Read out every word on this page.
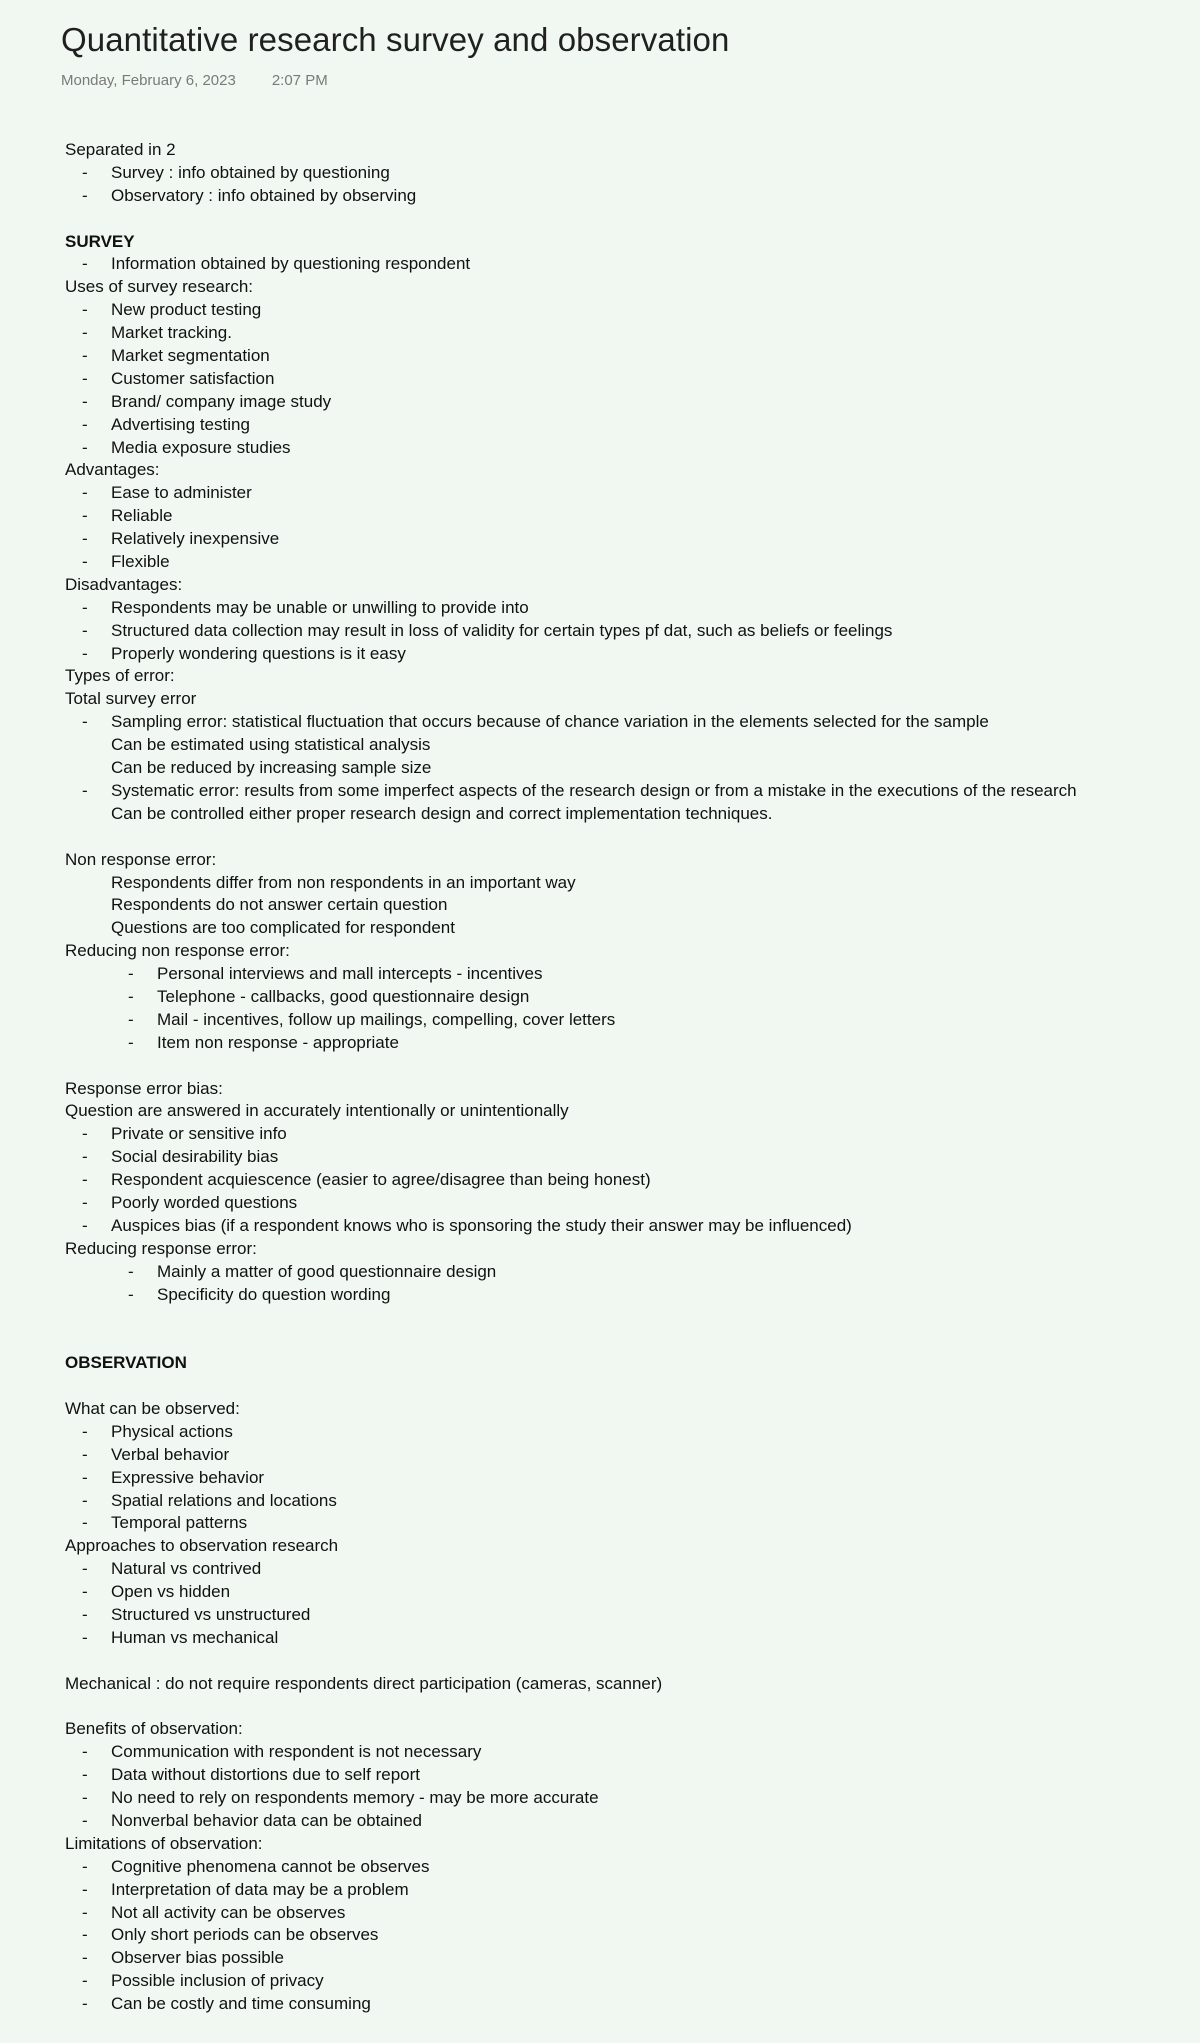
Quantitative research survey and observation
Monday, February 6, 2023 2:07 PM
Separated in 2
-	Survey : info obtained by questioning
-	Observatory : info obtained by observing
SURVEY
-	Information obtained by questioning respondent
Uses of survey research:
-	New product testing
-	Market tracking.
-	Market segmentation
-	Customer satisfaction
-	Brand/ company image study
-	Advertising testing
-	Media exposure studies
Advantages:
-	Ease to administer
-	Reliable
-	Relatively inexpensive
-	Flexible
Disadvantages:
-	Respondents may be unable or unwilling to provide into
-	Structured data collection may result in loss of validity for certain types pf dat, such as beliefs or feelings
-	Properly wondering questions is it easy
Types of error:
Total survey error
-	Sampling error: statistical fluctuation that occurs because of chance variation in the elements selected for the sample
Can be estimated using statistical analysis
Can be reduced by increasing sample size
-	Systematic error: results from some imperfect aspects of the research design or from a mistake in the executions of the research
Can be controlled either proper research design and correct implementation techniques.
Non response error:
Respondents differ from non respondents in an important way
Respondents do not answer certain question
Questions are too complicated for respondent
Reducing non response error:
-	Personal interviews and mall intercepts - incentives
-	Telephone - callbacks, good questionnaire design
-	Mail - incentives, follow up mailings, compelling, cover letters
-	Item non response - appropriate
Response error bias:
Question are answered in accurately intentionally or unintentionally
-	Private or sensitive info
-	Social desirability bias
-	Respondent acquiescence (easier to agree/disagree than being honest)
-	Poorly worded questions
-	Auspices bias (if a respondent knows who is sponsoring the study their answer may be influenced)
Reducing response error:
-	Mainly a matter of good questionnaire design
-	Specificity do question wording
OBSERVATION
What can be observed:
-	Physical actions
-	Verbal behavior
-	Expressive behavior
-	Spatial relations and locations
-	Temporal patterns
Approaches to observation research
-	Natural vs contrived
-	Open vs hidden
-	Structured vs unstructured
-	Human vs mechanical
Mechanical : do not require respondents direct participation (cameras, scanner)
Benefits of observation:
-	Communication with respondent is not necessary
-	Data without distortions due to self report
-	No need to rely on respondents memory - may be more accurate
-	Nonverbal behavior data can be obtained
Limitations of observation:
-	Cognitive phenomena cannot be observes
-	Interpretation of data may be a problem
-	Not all activity can be observes
-	Only short periods can be observes
-	Observer bias possible
-	Possible inclusion of privacy
-	Can be costly and time consuming
